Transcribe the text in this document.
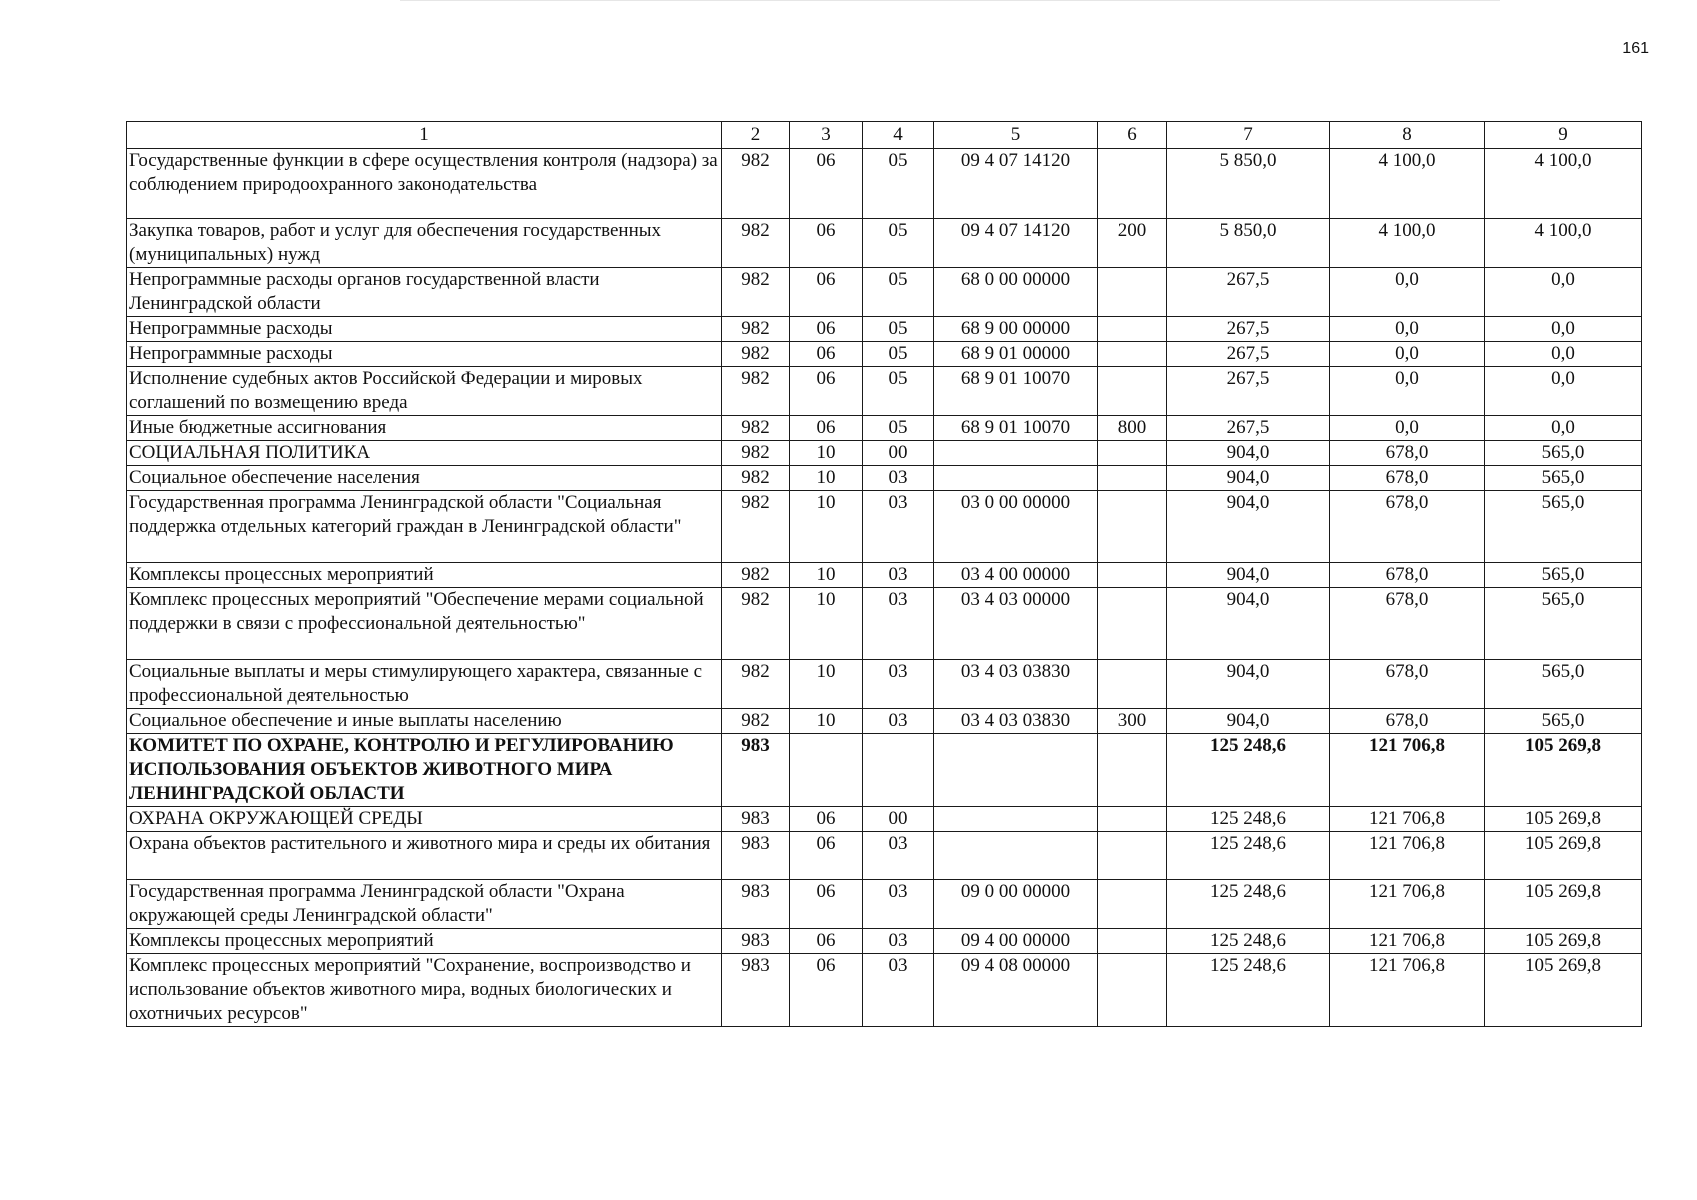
161
1	2	3	4	5	6	7	8	9
Государственные функции в сфере осуществления контроля (надзора) за соблюдением природоохранного законодательства	982	06	05	09 4 07 14120		5 850,0	4 100,0	4 100,0
Закупка товаров, работ и услуг для обеспечения государственных (муниципальных) нужд	982	06	05	09 4 07 14120	200	5 850,0	4 100,0	4 100,0
Непрограммные расходы органов государственной власти Ленинградской области	982	06	05	68 0 00 00000		267,5	0,0	0,0
Непрограммные расходы	982	06	05	68 9 00 00000		267,5	0,0	0,0
Непрограммные расходы	982	06	05	68 9 01 00000		267,5	0,0	0,0
Исполнение судебных актов Российской Федерации и мировых соглашений по возмещению вреда	982	06	05	68 9 01 10070		267,5	0,0	0,0
Иные бюджетные ассигнования	982	06	05	68 9 01 10070	800	267,5	0,0	0,0
СОЦИАЛЬНАЯ ПОЛИТИКА	982	10	00			904,0	678,0	565,0
Социальное обеспечение населения	982	10	03			904,0	678,0	565,0
Государственная программа Ленинградской области "Социальная поддержка отдельных категорий граждан в Ленинградской области"	982	10	03	03 0 00 00000		904,0	678,0	565,0
Комплексы процессных мероприятий	982	10	03	03 4 00 00000		904,0	678,0	565,0
Комплекс процессных мероприятий "Обеспечение мерами социальной поддержки в связи с профессиональной деятельностью"	982	10	03	03 4 03 00000		904,0	678,0	565,0
Социальные выплаты и меры стимулирующего характера, связанные с профессиональной деятельностью	982	10	03	03 4 03 03830		904,0	678,0	565,0
Социальное обеспечение и иные выплаты населению	982	10	03	03 4 03 03830	300	904,0	678,0	565,0
КОМИТЕТ ПО ОХРАНЕ, КОНТРОЛЮ И РЕГУЛИРОВАНИЮ ИСПОЛЬЗОВАНИЯ ОБЪЕКТОВ ЖИВОТНОГО МИРА ЛЕНИНГРАДСКОЙ ОБЛАСТИ	983					125 248,6	121 706,8	105 269,8
ОХРАНА ОКРУЖАЮЩЕЙ СРЕДЫ	983	06	00			125 248,6	121 706,8	105 269,8
Охрана объектов растительного и животного мира и среды их обитания	983	06	03			125 248,6	121 706,8	105 269,8
Государственная программа Ленинградской области "Охрана окружающей среды Ленинградской области"	983	06	03	09 0 00 00000		125 248,6	121 706,8	105 269,8
Комплексы процессных мероприятий	983	06	03	09 4 00 00000		125 248,6	121 706,8	105 269,8
Комплекс процессных мероприятий "Сохранение, воспроизводство и использование объектов животного мира, водных биологических и охотничьих ресурсов"	983	06	03	09 4 08 00000		125 248,6	121 706,8	105 269,8
